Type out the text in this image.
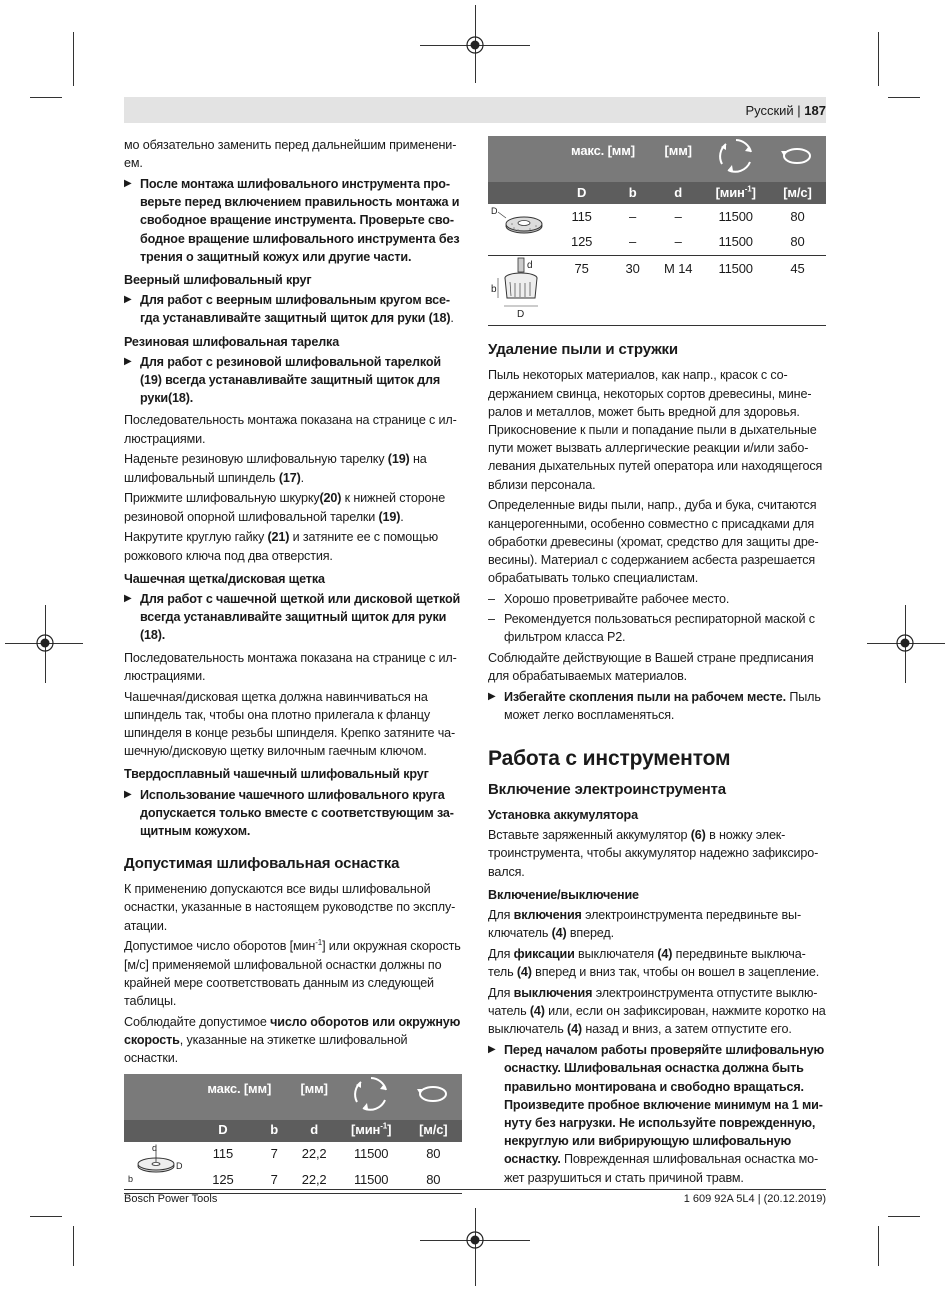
Русский | 187

мо обязательно заменить перед дальнейшим применением.

▶ После монтажа шлифовального инструмента проверьте перед включением правильность монтажа и свободное вращение инструмента. Проверьте свободное вращение шлифовального инструмента без трения о защитный кожух или другие части.
Веерный шлифовальный круг
▶ Для работ с веерным шлифовальным кругом всегда устанавливайте защитный щиток для руки (18).
Резиновая шлифовальная тарелка
▶ Для работ с резиновой шлифовальной тарелкой (19) всегда устанавливайте защитный щиток для руки(18).

Последовательность монтажа показана на странице с иллюстрациями.

Наденьте резиновую шлифовальную тарелку (19) на шлифовальный шпиндель (17).

Прижмите шлифовальную шкурку(20) к нижней стороне резиновой опорной шлифовальной тарелки (19).

Накрутите круглую гайку (21) и затяните ее с помощью рожкового ключа под два отверстия.

Чашечная щетка/дисковая щетка
▶ Для работ с чашечной щеткой или дисковой щеткой всегда устанавливайте защитный щиток для руки (18).

Последовательность монтажа показана на странице с иллюстрациями.

Чашечная/дисковая щетка должна навинчиваться на шпиндель так, чтобы она плотно прилегала к фланцу шпинделя в конце резьбы шпинделя. Крепко затяните чашечную/дисковую щетку вилочным гаечным ключом.

Твердосплавный чашечный шлифовальный круг
▶ Использование чашечного шлифовального круга допускается только вместе с соответствующим защитным кожухом.
Допустимая шлифовальная оснастка

К применению допускаются все виды шлифовальной оснастки, указанные в настоящем руководстве по эксплуатации.

Допустимое число оборотов [мин$^{-1}$] или окружная скорость [м/с] применяемой шлифовальной оснастки должны по крайней мере соответствовать данным из следующей таблицы.

Соблюдайте допустимое число оборотов или окружную скорость, указанные на этикетке шлифовальной оснастки.

	макс. [мм]		[мм]		
	D	b	d	[мин$^{-1}$]	[м/с]

d
D
b	115	7	22,2	11500	80
	125	7	22,2	11500	80
	макс. [мм]		[мм]		
	D	b	d	[мин$^{-1}$]	[м/с]

D	115	–	–	11500	80
	125	–	–	11500	80

d
b
D	75	30	M 14	11500	45
Удаление пыли и стружки

Пыль некоторых материалов, как напр., красок с содержанием свинца, некоторых сортов древесины, минералов и металлов, может быть вредной для здоровья. Прикосновение к пыли и попадание пыли в дыхательные пути может вызвать аллергические реакции и/или заболевания дыхательных путей оператора или находящегося вблизи персонала.

Определенные виды пыли, напр., дуба и бука, считаются канцерогенными, особенно совместно с присадками для обработки древесины (хромат, средство для защиты древесины). Материал с содержанием асбеста разрешается обрабатывать только специалистам.

– Хорошо проветривайте рабочее место.
– Рекомендуется пользоваться респираторной маской с фильтром класса P2.

Соблюдайте действующие в Вашей стране предписания для обрабатываемых материалов.

▶ Избегайте скопления пыли на рабочем месте. Пыль может легко воспламеняться.
Работа с инструментом
Включение электроинструмента
Установка аккумулятора

Вставьте заряженный аккумулятор (6) в ножку электроинструмента, чтобы аккумулятор надежно зафиксировался.

Включение/выключение

Для включения электроинструмента передвиньте выключатель (4) вперед.

Для фиксации выключателя (4) передвиньте выключатель (4) вперед и вниз так, чтобы он вошел в зацепление.

Для выключения электроинструмента отпустите выключатель (4) или, если он зафиксирован, нажмите коротко на выключатель (4) назад и вниз, а затем отпустите его.

▶ Перед началом работы проверяйте шлифовальную оснастку. Шлифовальная оснастка должна быть правильно монтирована и свободно вращаться. Произведите пробное включение минимум на 1 минуту без нагрузки. Не используйте поврежденную, некруглую или вибрирующую шлифовальную оснастку. Поврежденная шлифовальная оснастка может разрушиться и стать причиной травм.
Bosch Power Tools	1 609 92A 5L4 | (20.12.2019)
